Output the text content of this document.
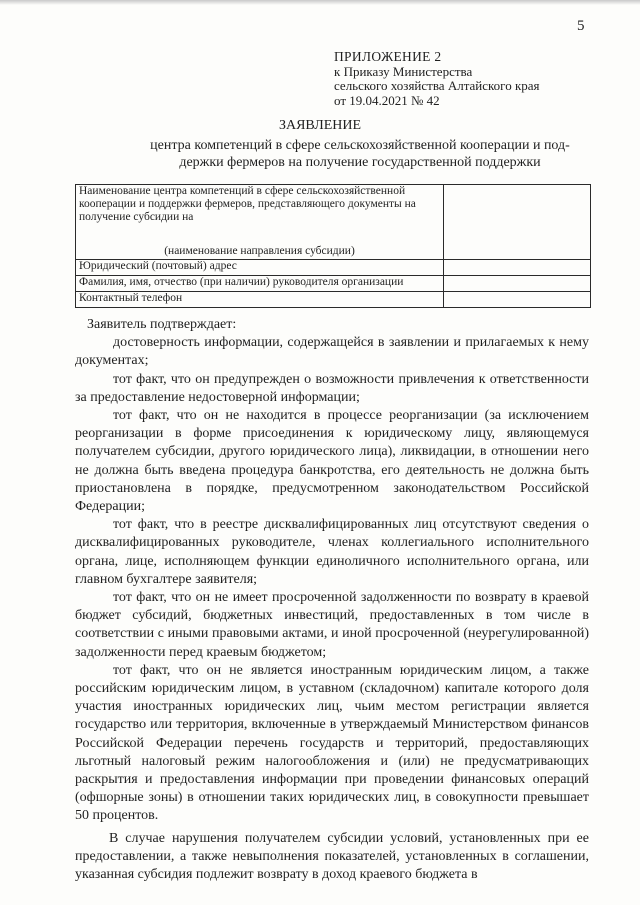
5
ПРИЛОЖЕНИЕ 2
к Приказу Министерства
сельского хозяйства Алтайского края
от 19.04.2021 № 42
ЗАЯВЛЕНИЕ
центра компетенций в сфере сельскохозяйственной кооперации и под-
держки фермеров на получение государственной поддержки
Наименование центра компетенций в сфере сельскохозяйственной кооперации и поддержки фермеров, представляющего документы на получение субсидии на
(наименование направления субсидии)	

Юридический (почтовый) адрес	
Фамилия, имя, отчество (при наличии) руководителя организации	
Контактный телефон	

Заявитель подтверждает:

достоверность информации, содержащейся в заявлении и прилагаемых к нему документах;

тот факт, что он предупрежден о возможности привлечения к ответственности за предоставление недостоверной информации;

тот факт, что он не находится в процессе реорганизации (за исключением реорганизации в форме присоединения к юридическому лицу, являющемуся получателем субсидии, другого юридического лица), ликвидации, в отношении него не должна быть введена процедура банкротства, его деятельность не должна быть приостановлена в порядке, предусмотренном законодательством Российской Федерации;

тот факт, что в реестре дисквалифицированных лиц отсутствуют сведения о дисквалифицированных руководителе, членах коллегиального исполнительного органа, лице, исполняющем функции единоличного исполнительного органа, или главном бухгалтере заявителя;

тот факт, что он не имеет просроченной задолженности по возврату в краевой бюджет субсидий, бюджетных инвестиций, предоставленных в том числе в соответствии с иными правовыми актами, и иной просроченной (неурегулированной) задолженности перед краевым бюджетом;

тот факт, что он не является иностранным юридическим лицом, а также российским юридическим лицом, в уставном (складочном) капитале которого доля участия иностранных юридических лиц, чьим местом регистрации является государство или территория, включенные в утверждаемый Министерством финансов Российской Федерации перечень государств и территорий, предоставляющих льготный налоговый режим налогообложения и (или) не предусматривающих раскрытия и предоставления информации при проведении финансовых операций (офшорные зоны) в отношении таких юридических лиц, в совокупности превышает 50 процентов.

В случае нарушения получателем субсидии условий, установленных при ее предоставлении, а также невыполнения показателей, установленных в соглашении, указанная субсидия подлежит возврату в доход краевого бюджета в
